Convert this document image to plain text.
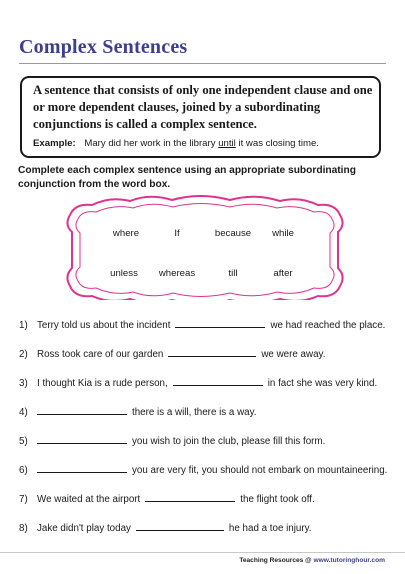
Complex Sentences
A sentence that consists of only one independent clause and one or more dependent clauses, joined by a subordinating conjunctions is called a complex sentence.
Example: Mary did her work in the library until it was closing time.
Complete each complex sentence using an appropriate subordinating conjunction from the word box.
where	If	because while
unless whereas	till	after
1) Terry told us about the incident	we had reached the place.
2) Ross took care of our garden	we were away.
3) I thought Kia is a rude person,	in fact she was very kind.
4)	there is a will, there is a way.
5)	you wish to join the club, please fill this form.
6)	you are very fit, you should not embark on mountaineering.
7) We waited at the airport	the flight took off.
8) Jake didn't play today	he had a toe injury.
Teaching Resources @ www.tutoringhour.com
